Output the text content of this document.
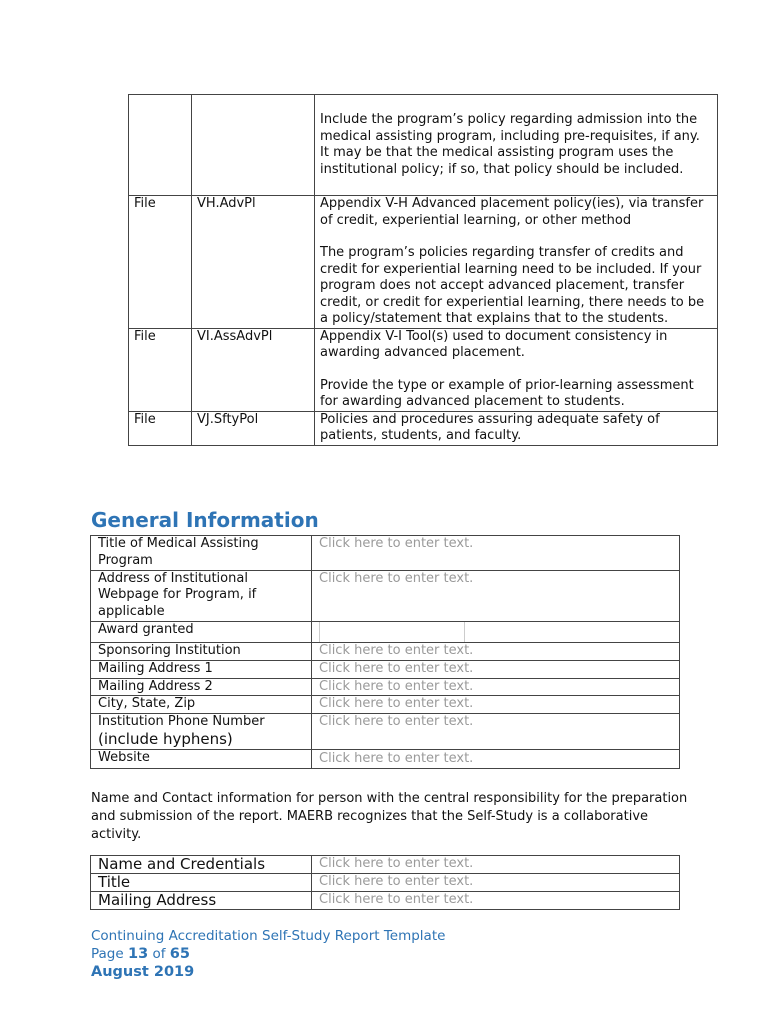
		Include the program’s policy regarding admission into the medical assisting program, including pre-requisites, if any. It may be that the medical assisting program uses the institutional policy; if so, that policy should be included.

File	VH.AdvPl	Appendix V-H Advanced placement policy(ies), via transfer of credit, experiential learning, or other method

The program’s policies regarding transfer of credits and credit for experiential learning need to be included. If your program does not accept advanced placement, transfer credit, or credit for experiential learning, there needs to be a policy/statement that explains that to the students.

File	VI.AssAdvPl	Appendix V-I Tool(s) used to document consistency in awarding advanced placement.

Provide the type or example of prior-learning assessment for awarding advanced placement to students.

File	VJ.SftyPol	Policies and procedures assuring adequate safety of patients, students, and faculty.

General Information
Title of Medical Assisting Program	Click here to enter text.
Address of Institutional Webpage for Program, if applicable	Click here to enter text.
Award granted	

Sponsoring Institution	Click here to enter text.
Mailing Address 1	Click here to enter text.
Mailing Address 2	Click here to enter text.
City, State, Zip	Click here to enter text.

Institution Phone Number
(include hyphens)	Click here to enter text.
Website	Click here to enter text.
Name and Contact information for person with the central responsibility for the preparation and submission of the report. MAERB recognizes that the Self-Study is a collaborative activity.
Name and Credentials	Click here to enter text.
Title	Click here to enter text.
Mailing Address	Click here to enter text.
Continuing Accreditation Self-Study Report Template
Page 13 of 65
August 2019
